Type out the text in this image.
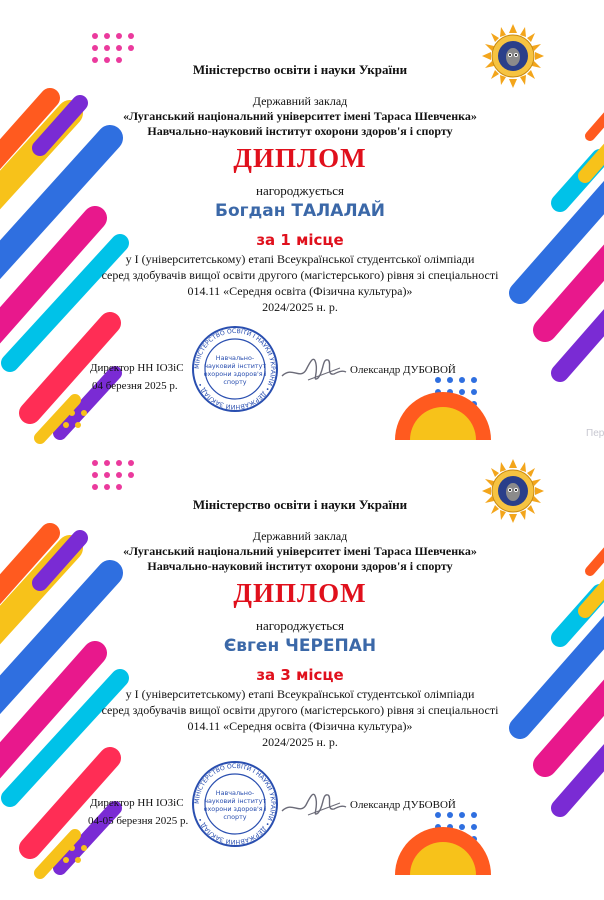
Міністерство освіти і науки України
Державний заклад
«Луганський національний університет імені Тараса Шевченка»
Навчально-науковий інститут охорони здоров'я і спорту
ДИПЛОМ
нагороджується
Богдан ТАЛАЛАЙ
за 1 місце
у І (університетському) етапі Всеукраїнської студентської олімпіади
серед здобувачів вищої освіти другого (магістерського) рівня зі спеціальності
014.11 «Середня освіта (Фізична культура)»
2024/2025 н. р.
Директор НН ІОЗіС
04 березня 2025 р.
МІНІСТЕРСТВО ОСВІТИ І НАУКИ УКРАЇНИ • ДЕРЖАВНИЙ ЗАКЛАД •
Навчально-
науковий інститут
охорони здоров'я і
спорту
Олександр ДУБОВОЙ
Пер
Міністерство освіти і науки України
Державний заклад
«Луганський національний університет імені Тараса Шевченка»
Навчально-науковий інститут охорони здоров'я і спорту
ДИПЛОМ
нагороджується
Євген ЧЕРЕПАН
за 3 місце
у І (університетському) етапі Всеукраїнської студентської олімпіади
серед здобувачів вищої освіти другого (магістерського) рівня зі спеціальності
014.11 «Середня освіта (Фізична культура)»
2024/2025 н. р.
Директор НН ІОЗіС
04-05 березня 2025 р.
МІНІСТЕРСТВО ОСВІТИ І НАУКИ УКРАЇНИ • ДЕРЖАВНИЙ ЗАКЛАД •
Навчально-
науковий інститут
охорони здоров'я і
спорту
Олександр ДУБОВОЙ
